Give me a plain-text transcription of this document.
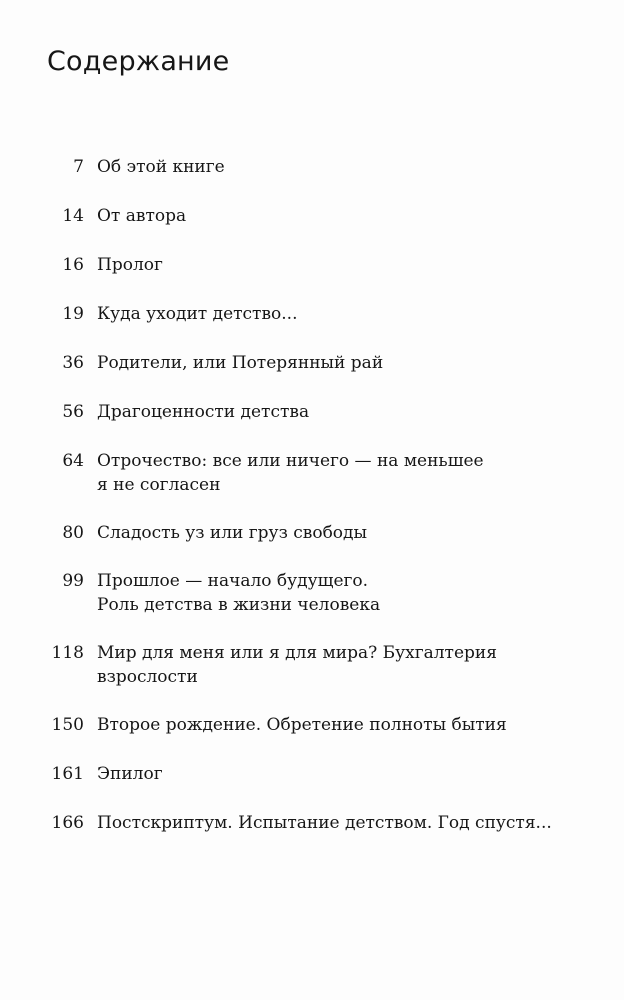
Содержание
7 Об этой книге
14 От автора
16 Пролог
19 Куда уходит детство...
36 Родители, или Потерянный рай
56 Драгоценности детства
64 Отрочество: все или ничего — на меньшее
я не согласен
80 Сладость уз или груз свободы
99 Прошлое — начало будущего.
Роль детства в жизни человека
118 Мир для меня или я для мира? Бухгалтерия
взрослости
150 Второе рождение. Обретение полноты бытия
161 Эпилог
166 Постскриптум. Испытание детством. Год спустя...
